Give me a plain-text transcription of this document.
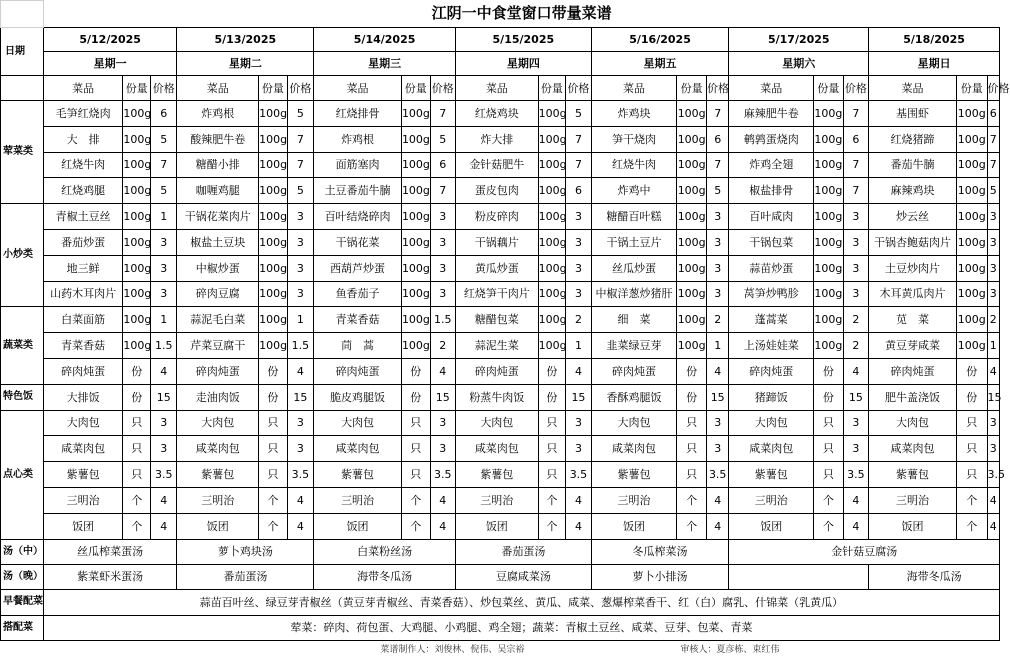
	江阴一中食堂窗口带量菜谱																				
日期	5/12/2025			5/13/2025			5/14/2025			5/15/2025			5/16/2025			5/17/2025			5/18/2025		
	星期一			星期二			星期三			星期四			星期五			星期六			星期日		
	菜品	份量	价格	菜品	份量	价格	菜品	份量	价格	菜品	份量	价格	菜品	份量	价格	菜品	份量	价格	菜品	份量	价格
荤菜类	毛笋红烧肉	100g	6	炸鸡根	100g	5	红烧排骨	100g	7	红烧鸡块	100g	5	炸鸡块	100g	7	麻辣肥牛卷	100g	7	基围虾	100g	6
	大　排	100g	5	酸辣肥牛卷	100g	7	炸鸡根	100g	5	炸大排	100g	7	笋干烧肉	100g	6	鹌鹑蛋烧肉	100g	6	红烧猪蹄	100g	7
	红烧牛肉	100g	7	糖醋小排	100g	7	面筋塞肉	100g	6	金针菇肥牛	100g	7	红烧牛肉	100g	7	炸鸡全翅	100g	7	番茄牛腩	100g	7
	红烧鸡腿	100g	5	咖喱鸡腿	100g	5	土豆番茄牛腩	100g	7	蛋皮包肉	100g	6	炸鸡中	100g	5	椒盐排骨	100g	7	麻辣鸡块	100g	5
小炒类	青椒土豆丝	100g	1	干锅花菜肉片	100g	3	百叶结烧碎肉	100g	3	粉皮碎肉	100g	3	糖醋百叶糕	100g	3	百叶咸肉	100g	3	炒云丝	100g	3
	番茄炒蛋	100g	3	椒盐土豆块	100g	3	干锅花菜	100g	3	干锅藕片	100g	3	干锅土豆片	100g	3	干锅包菜	100g	3	干锅杏鲍菇肉片	100g	3
	地三鲜	100g	3	中椒炒蛋	100g	3	西葫芦炒蛋	100g	3	黄瓜炒蛋	100g	3	丝瓜炒蛋	100g	3	蒜苗炒蛋	100g	3	土豆炒肉片	100g	3
	山药木耳肉片	100g	3	碎肉豆腐	100g	3	鱼香茄子	100g	3	红烧笋干肉片	100g	3	中椒洋葱炒猪肝	100g	3	莴笋炒鸭胗	100g	3	木耳黄瓜肉片	100g	3
蔬菜类	白菜面筋	100g	1	蒜泥毛白菜	100g	1	青菜香菇	100g	1.5	糖醋包菜	100g	2	细　菜	100g	2	蓬蒿菜	100g	2	苋　菜	100g	2
	青菜香菇	100g	1.5	芹菜豆腐干	100g	1.5	茼　蒿	100g	2	蒜泥生菜	100g	1	韭菜绿豆芽	100g	1	上汤娃娃菜	100g	2	黄豆芽咸菜	100g	1
	碎肉炖蛋	份	4	碎肉炖蛋	份	4	碎肉炖蛋	份	4	碎肉炖蛋	份	4	碎肉炖蛋	份	4	碎肉炖蛋	份	4	碎肉炖蛋	份	4
特色饭	大排饭	份	15	走油肉饭	份	15	脆皮鸡腿饭	份	15	粉蒸牛肉饭	份	15	香酥鸡腿饭	份	15	猪蹄饭	份	15	肥牛盖浇饭	份	15
点心类	大肉包	只	3	大肉包	只	3	大肉包	只	3	大肉包	只	3	大肉包	只	3	大肉包	只	3	大肉包	只	3
	咸菜肉包	只	3	咸菜肉包	只	3	咸菜肉包	只	3	咸菜肉包	只	3	咸菜肉包	只	3	咸菜肉包	只	3	咸菜肉包	只	3
	紫薯包	只	3.5	紫薯包	只	3.5	紫薯包	只	3.5	紫薯包	只	3.5	紫薯包	只	3.5	紫薯包	只	3.5	紫薯包	只	3.5
	三明治	个	4	三明治	个	4	三明治	个	4	三明治	个	4	三明治	个	4	三明治	个	4	三明治	个	4
	饭团	个	4	饭团	个	4	饭团	个	4	饭团	个	4	饭团	个	4	饭团	个	4	饭团	个	4
汤（中）	丝瓜榨菜蛋汤			萝卜鸡块汤			白菜粉丝汤			番茄蛋汤			冬瓜榨菜汤			金针菇豆腐汤					
汤（晚）	紫菜虾米蛋汤			番茄蛋汤			海带冬瓜汤			豆腐咸菜汤			萝卜小排汤						海带冬瓜汤		
早餐配菜	蒜苗百叶丝、绿豆芽青椒丝（黄豆芽青椒丝、青菜香菇）、炒包菜丝、黄瓜、咸菜、葱爆榨菜香干、红（白）腐乳、什锦菜（乳黄瓜）																				
搭配菜	荤菜：碎肉、荷包蛋、大鸡腿、小鸡腿、鸡全翅；蔬菜：青椒土豆丝、咸菜、豆芽、包菜、青菜																				
							菜谱制作人：刘俊林、倪伟、吴宗裕						审核人：夏彦栋、束红伟								
